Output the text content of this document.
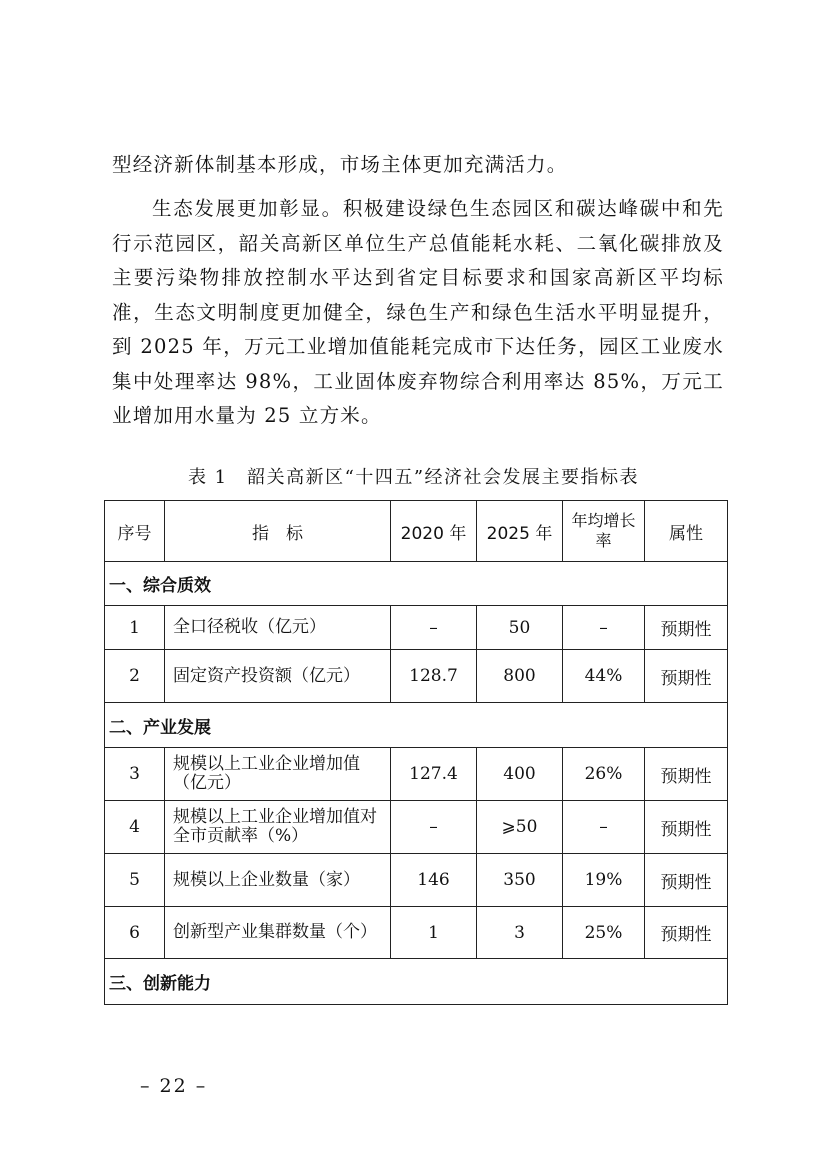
型经济新体制基本形成，市场主体更加充满活力。

生态发展更加彰显。积极建设绿色生态园区和碳达峰碳中和先行示范园区，韶关高新区单位生产总值能耗水耗、二氧化碳排放及主要污染物排放控制水平达到省定目标要求和国家高新区平均标准，生态文明制度更加健全，绿色生产和绿色生活水平明显提升，到 2025 年，万元工业增加值能耗完成市下达任务，园区工业废水集中处理率达 98%，工业固体废弃物综合利用率达 85%，万元工业增加用水量为 25 立方米。

表 1　韶关高新区“十四五”经济社会发展主要指标表
序号	指　标	2020 年	2025 年	年均增长率	属性
一、综合质效					
1	全口径税收（亿元）	–	50	–	预期性
2	固定资产投资额（亿元）	128.7	800	44%	预期性
二、产业发展					
3	规模以上工业企业增加值（亿元）	127.4	400	26%	预期性
4	规模以上工业企业增加值对全市贡献率（%）	–	⩾50	–	预期性
5	规模以上企业数量（家）	146	350	19%	预期性
6	创新型产业集群数量（个）	1	3	25%	预期性
三、创新能力					
– 22 –
